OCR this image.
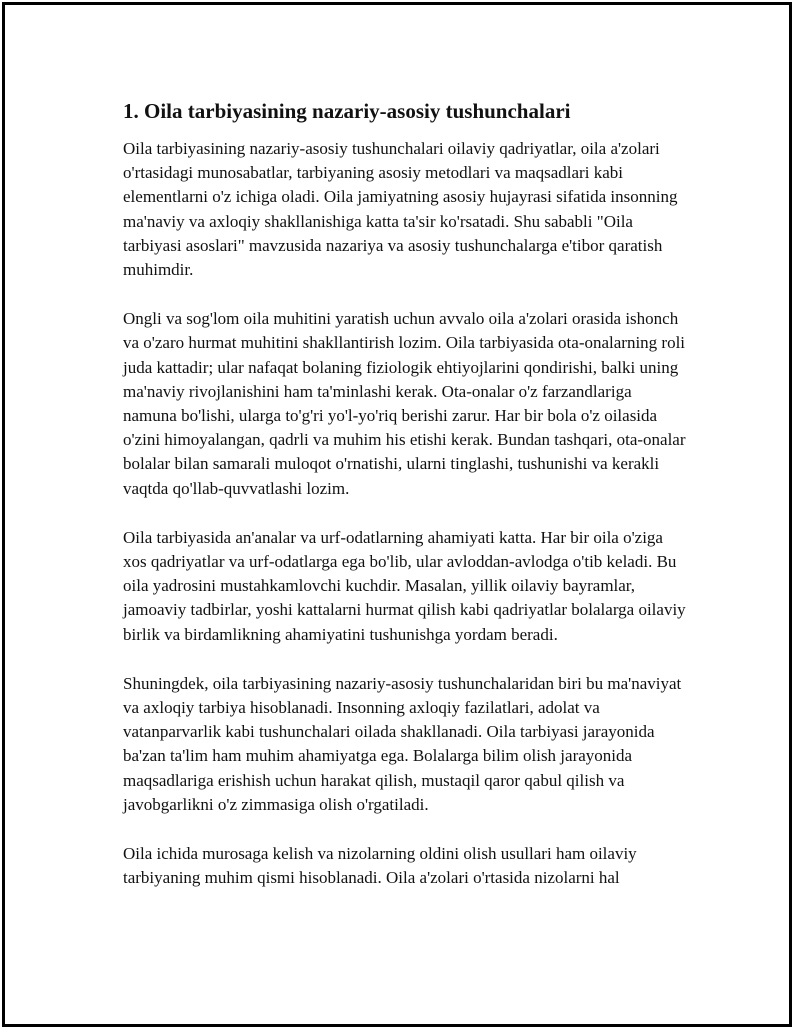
1. Oila tarbiyasining nazariy-asosiy tushunchalari

Oila tarbiyasining nazariy-asosiy tushunchalari oilaviy qadriyatlar, oila a'zolari o'rtasidagi munosabatlar, tarbiyaning asosiy metodlari va maqsadlari kabi elementlarni o'z ichiga oladi. Oila jamiyatning asosiy hujayrasi sifatida insonning ma'naviy va axloqiy shakllanishiga katta ta'sir ko'rsatadi. Shu sababli "Oila tarbiyasi asoslari" mavzusida nazariya va asosiy tushunchalarga e'tibor qaratish muhimdir.

Ongli va sog'lom oila muhitini yaratish uchun avvalo oila a'zolari orasida ishonch va o'zaro hurmat muhitini shakllantirish lozim. Oila tarbiyasida ota-onalarning roli juda kattadir; ular nafaqat bolaning fiziologik ehtiyojlarini qondirishi, balki uning ma'naviy rivojlanishini ham ta'minlashi kerak. Ota-onalar o'z farzandlariga namuna bo'lishi, ularga to'g'ri yo'l-yo'riq berishi zarur. Har bir bola o'z oilasida o'zini himoyalangan, qadrli va muhim his etishi kerak. Bundan tashqari, ota-onalar bolalar bilan samarali muloqot o'rnatishi, ularni tinglashi, tushunishi va kerakli vaqtda qo'llab-quvvatlashi lozim.

Oila tarbiyasida an'analar va urf-odatlarning ahamiyati katta. Har bir oila o'ziga xos qadriyatlar va urf-odatlarga ega bo'lib, ular avloddan-avlodga o'tib keladi. Bu oila yadrosini mustahkamlovchi kuchdir. Masalan, yillik oilaviy bayramlar, jamoaviy tadbirlar, yoshi kattalarni hurmat qilish kabi qadriyatlar bolalarga oilaviy birlik va birdamlikning ahamiyatini tushunishga yordam beradi.

Shuningdek, oila tarbiyasining nazariy-asosiy tushunchalaridan biri bu ma'naviyat va axloqiy tarbiya hisoblanadi. Insonning axloqiy fazilatlari, adolat va vatanparvarlik kabi tushunchalari oilada shakllanadi. Oila tarbiyasi jarayonida ba'zan ta'lim ham muhim ahamiyatga ega. Bolalarga bilim olish jarayonida maqsadlariga erishish uchun harakat qilish, mustaqil qaror qabul qilish va javobgarlikni o'z zimmasiga olish o'rgatiladi.

Oila ichida murosaga kelish va nizolarning oldini olish usullari ham oilaviy tarbiyaning muhim qismi hisoblanadi. Oila a'zolari o'rtasida nizolarni hal
